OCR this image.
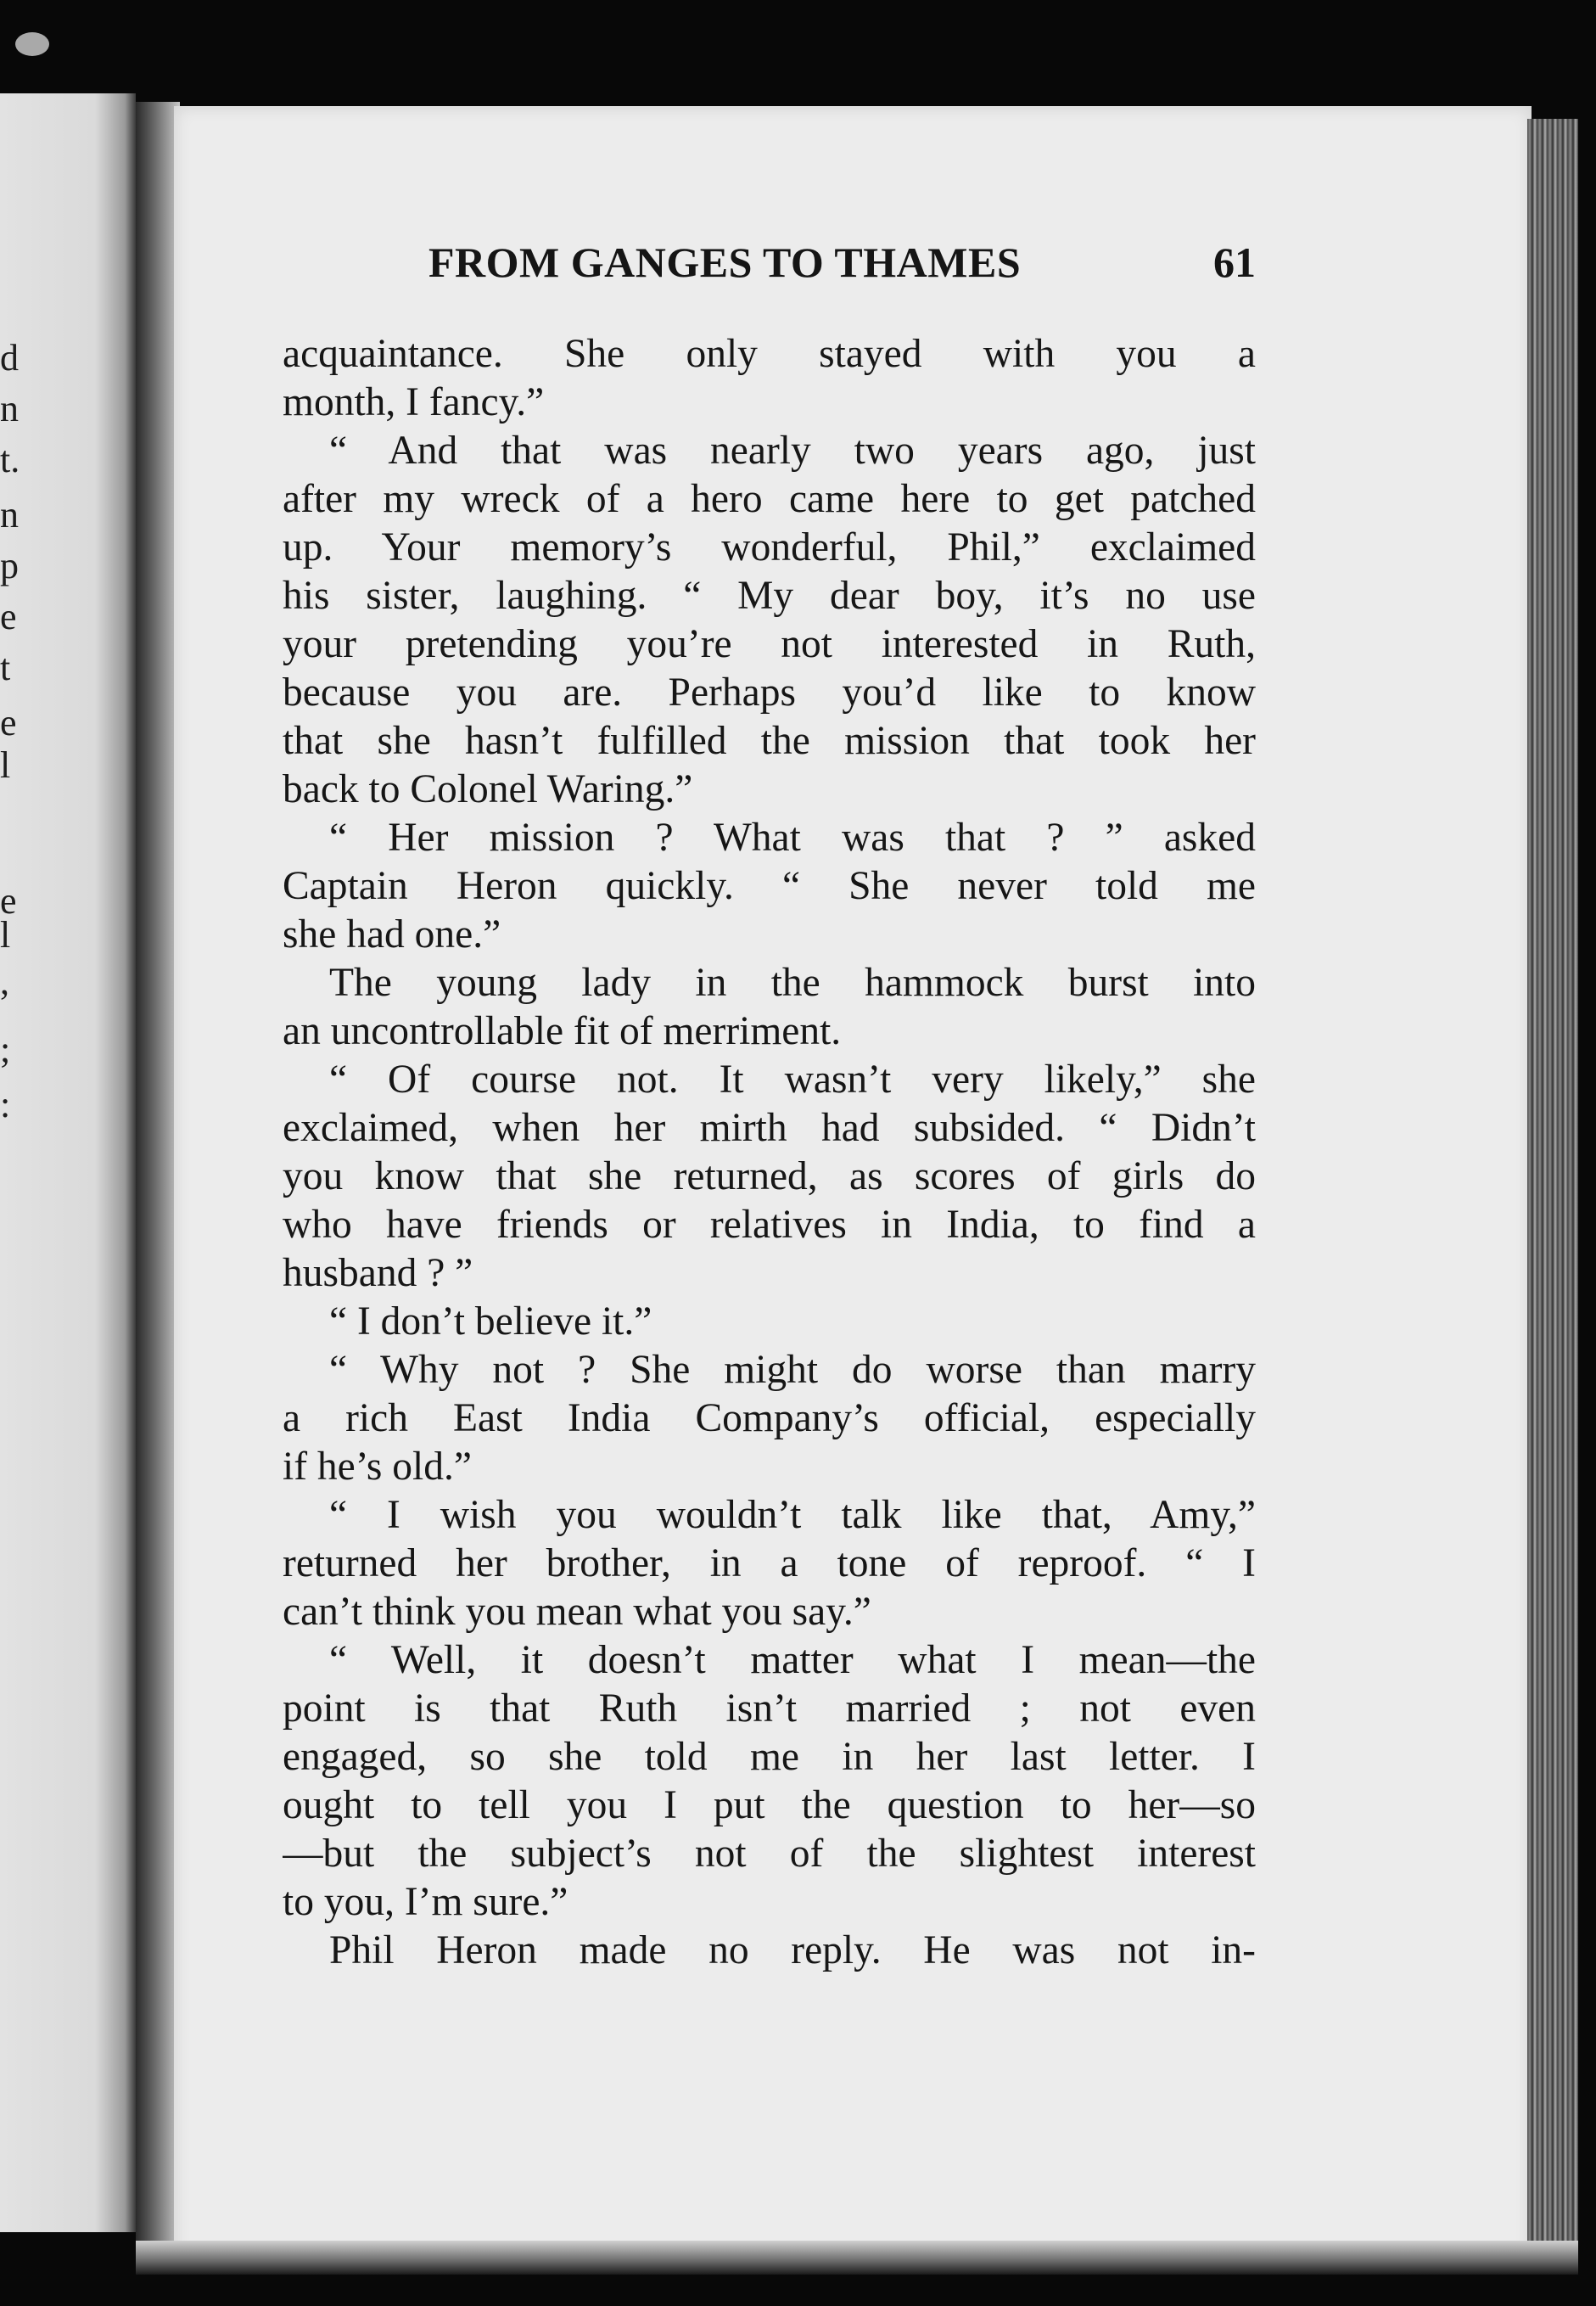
d
n
t.
n
p
e
t
e
l
e
l
,
;
:
FROM GANGES TO THAMES	61
acquaintance. She only stayed with you a
month, I fancy.”
“ And that was nearly two years ago, just
after my wreck of a hero came here to get patched
up. Your memory’s wonderful, Phil,” exclaimed
his sister, laughing. “ My dear boy, it’s no use
your pretending you’re not interested in Ruth,
because you are. Perhaps you’d like to know
that she hasn’t fulfilled the mission that took her
back to Colonel Waring.”
“ Her mission ? What was that ? ” asked
Captain Heron quickly. “ She never told me
she had one.”
The young lady in the hammock burst into
an uncontrollable fit of merriment.
“ Of course not. It wasn’t very likely,” she
exclaimed, when her mirth had subsided. “ Didn’t
you know that she returned, as scores of girls do
who have friends or relatives in India, to find a
husband ? ”
“ I don’t believe it.”
“ Why not ? She might do worse than marry
a rich East India Company’s official, especially
if he’s old.”
“ I wish you wouldn’t talk like that, Amy,”
returned her brother, in a tone of reproof. “ I
can’t think you mean what you say.”
“ Well, it doesn’t matter what I mean—the
point is that Ruth isn’t married ; not even
engaged, so she told me in her last letter. I
ought to tell you I put the question to her—so
—but the subject’s not of the slightest interest
to you, I’m sure.”
Phil Heron made no reply. He was not in-
